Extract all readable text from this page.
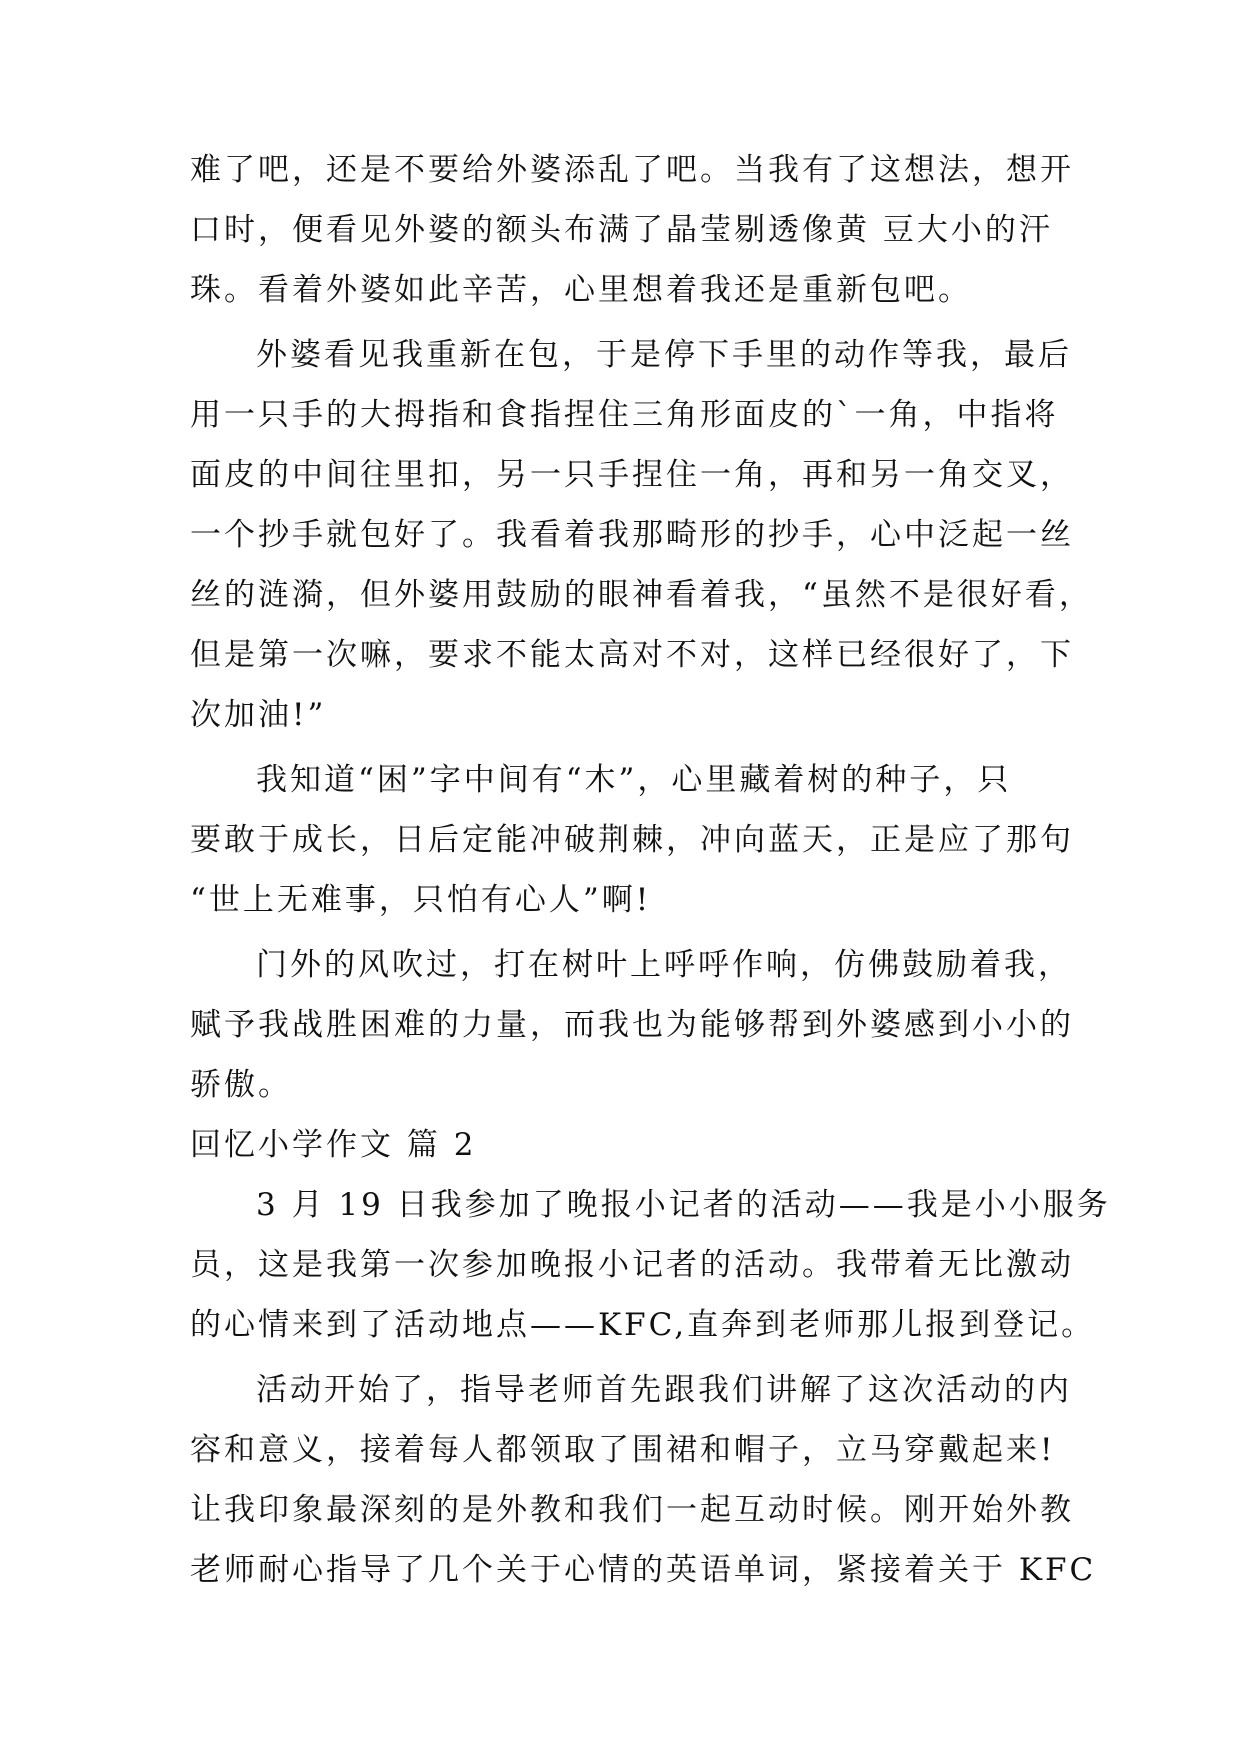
难了吧，还是不要给外婆添乱了吧。当我有了这想法，想开
口时，便看见外婆的额头布满了晶莹剔透像黄 豆大小的汗
珠。看着外婆如此辛苦，心里想着我还是重新包吧。
外婆看见我重新在包，于是停下手里的动作等我，最后
用一只手的大拇指和食指捏住三角形面皮的`一角，中指将
面皮的中间往里扣，另一只手捏住一角，再和另一角交叉，
一个抄手就包好了。我看着我那畸形的抄手，心中泛起一丝
丝的涟漪，但外婆用鼓励的眼神看着我，“虽然不是很好看，
但是第一次嘛，要求不能太高对不对，这样已经很好了，下
次加油!”
我知道“困”字中间有“木”，心里藏着树的种子，只
要敢于成长，日后定能冲破荆棘，冲向蓝天，正是应了那句
“世上无难事，只怕有心人”啊!
门外的风吹过，打在树叶上呼呼作响，仿佛鼓励着我，
赋予我战胜困难的力量，而我也为能够帮到外婆感到小小的
骄傲。
回忆小学作文 篇 2
3 月 19 日我参加了晚报小记者的活动——我是小小服务
员，这是我第一次参加晚报小记者的活动。我带着无比激动
的心情来到了活动地点——KFC,直奔到老师那儿报到登记。
活动开始了，指导老师首先跟我们讲解了这次活动的内
容和意义，接着每人都领取了围裙和帽子，立马穿戴起来!
让我印象最深刻的是外教和我们一起互动时候。刚开始外教
老师耐心指导了几个关于心情的英语单词，紧接着关于 KFC
